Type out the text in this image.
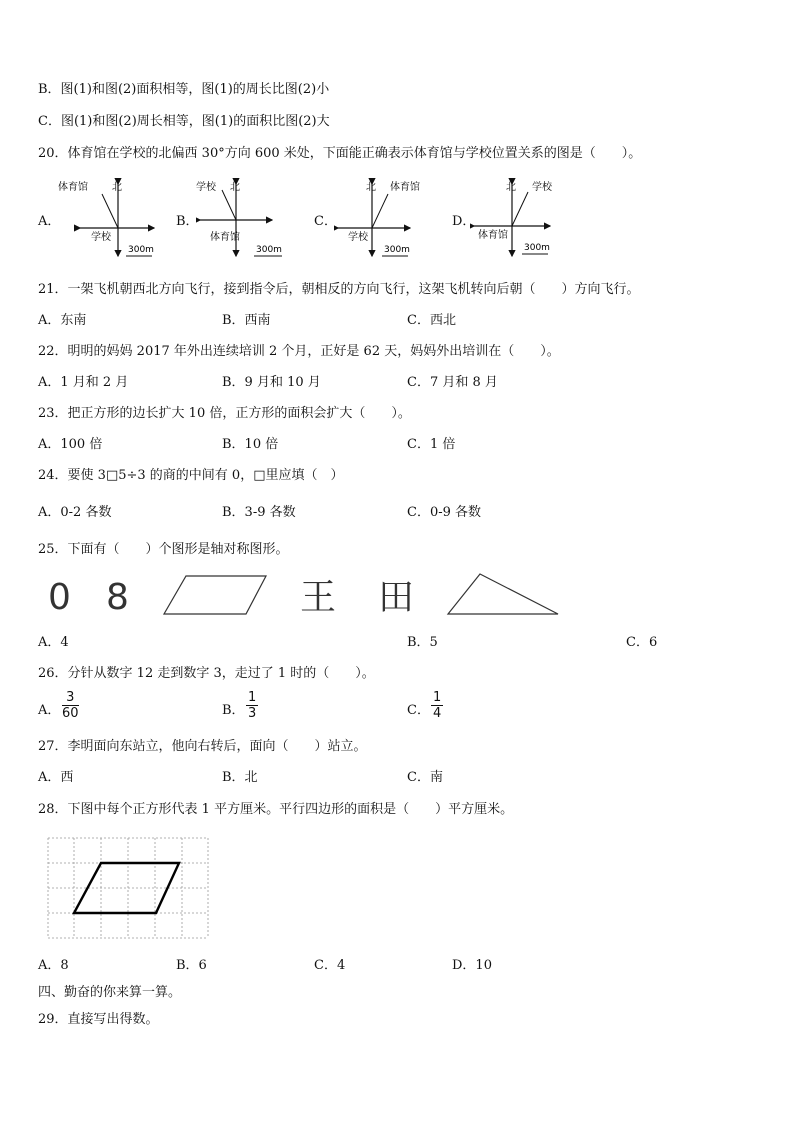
B．图(1)和图(2)面积相等，图(1)的周长比图(2)小
C．图(1)和图(2)周长相等，图(1)的面积比图(2)大
20．体育馆在学校的北偏西 30°方向 600 米处，下面能正确表示体育馆与学校位置关系的图是（　　）。
A．
体育馆 北
学校
300m
B．
学校 北
体育馆
300m
C．
北 体育馆
学校
300m
D．
北 学校
体育馆
300m
21．一架飞机朝西北方向飞行，接到指令后，朝相反的方向飞行，这架飞机转向后朝（　　）方向飞行。
A．东南	B．西南	C．西北
22．明明的妈妈 2017 年外出连续培训 2 个月，正好是 62 天，妈妈外出培训在（　　）。
A．1 月和 2 月	B．9 月和 10 月	C．7 月和 8 月
23．把正方形的边长扩大 10 倍，正方形的面积会扩大（　　）。
A．100 倍	B．10 倍	C．1 倍
24．要使 3□5÷3 的商的中间有 0，□里应填（　）
A．0-2 各数	B．3-9 各数	C．0-9 各数
25．下面有（　　）个图形是轴对称图形。
0 8	王 田
A．4	B．5	C．6
26．分针从数字 12 走到数字 3，走过了 1 时的（　　）。
A． $\frac{3}{60}$	B． $\frac{1}{3}$	C． $\frac{1}{4}$
27．李明面向东站立，他向右转后，面向（　　）站立。
A．西	B．北	C．南
28．下图中每个正方形代表 1 平方厘米。平行四边形的面积是（　　）平方厘米。
A．8	B．6	C．4	D．10
四、勤奋的你来算一算。
29．直接写出得数。
